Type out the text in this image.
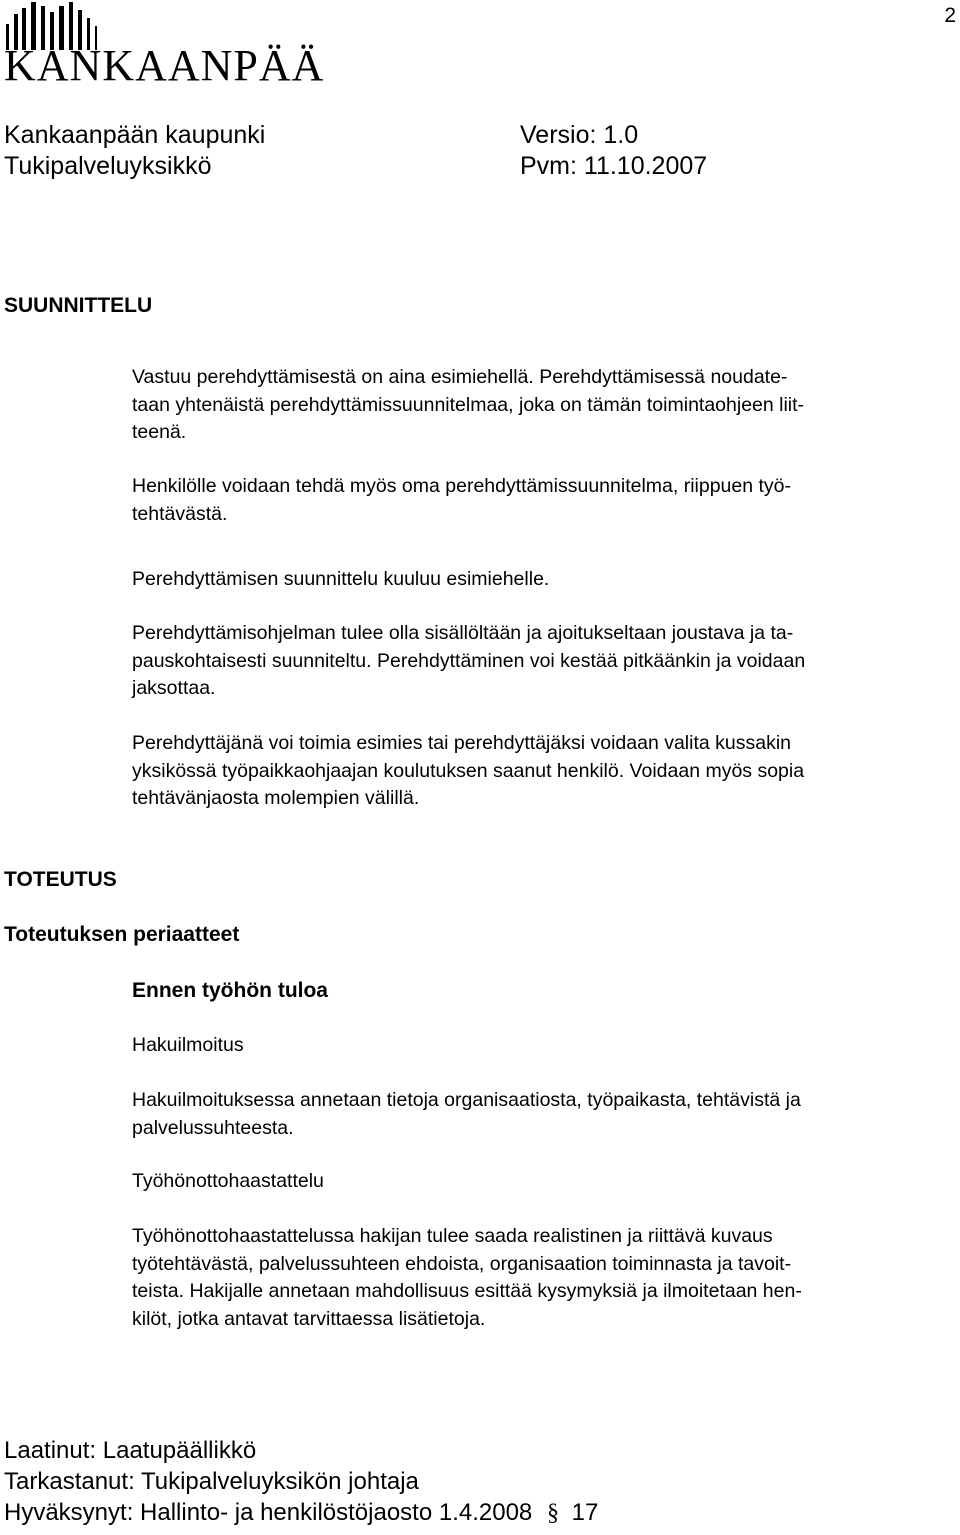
2
KANKAANPÄÄ
Kankaanpään kaupunki
Tukipalveluyksikkö
Versio: 1.0
Pvm: 11.10.2007
SUUNNITTELU
Vastuu perehdyttämisestä on aina esimiehellä. Perehdyttämisessä noudate-
taan yhtenäistä perehdyttämissuunnitelmaa, joka on tämän toimintaohjeen liit-
teenä.
Henkilölle voidaan tehdä myös oma perehdyttämissuunnitelma, riippuen työ-
tehtävästä.
Perehdyttämisen suunnittelu kuuluu esimiehelle.
Perehdyttämisohjelman tulee olla sisällöltään ja ajoitukseltaan joustava ja ta-
pauskohtaisesti suunniteltu. Perehdyttäminen voi kestää pitkäänkin ja voidaan
jaksottaa.
Perehdyttäjänä voi toimia esimies tai perehdyttäjäksi voidaan valita kussakin
yksikössä työpaikkaohjaajan koulutuksen saanut henkilö. Voidaan myös sopia
tehtävänjaosta molempien välillä.
TOTEUTUS
Toteutuksen periaatteet
Ennen työhön tuloa
Hakuilmoitus
Hakuilmoituksessa annetaan tietoja organisaatiosta, työpaikasta, tehtävistä ja
palvelussuhteesta.
Työhönottohaastattelu
Työhönottohaastattelussa hakijan tulee saada realistinen ja riittävä kuvaus
työtehtävästä, palvelussuhteen ehdoista, organisaation toiminnasta ja tavoit-
teista. Hakijalle annetaan mahdollisuus esittää kysymyksiä ja ilmoitetaan hen-
kilöt, jotka antavat tarvittaessa lisätietoja.
Laatinut: Laatupäällikkö
Tarkastanut: Tukipalveluyksikön johtaja
Hyväksynyt: Hallinto- ja henkilöstöjaosto 1.4.2008 § 17
